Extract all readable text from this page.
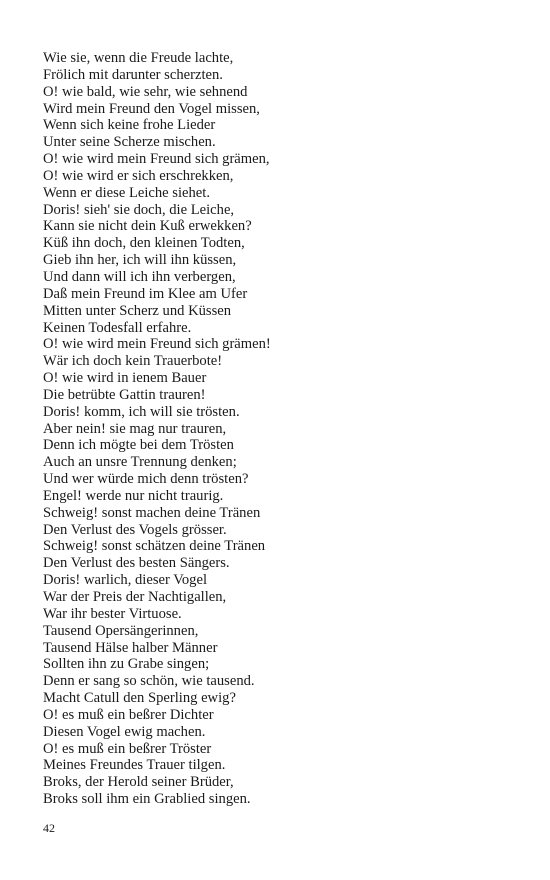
Wie sie, wenn die Freude lachte,
Frölich mit darunter scherzten.
O! wie bald, wie sehr, wie sehnend
Wird mein Freund den Vogel missen,
Wenn sich keine frohe Lieder
Unter seine Scherze mischen.
O! wie wird mein Freund sich grämen,
O! wie wird er sich erschrekken,
Wenn er diese Leiche siehet.
Doris! sieh' sie doch, die Leiche,
Kann sie nicht dein Kuß erwekken?
Küß ihn doch, den kleinen Todten,
Gieb ihn her, ich will ihn küssen,
Und dann will ich ihn verbergen,
Daß mein Freund im Klee am Ufer
Mitten unter Scherz und Küssen
Keinen Todesfall erfahre.
O! wie wird mein Freund sich grämen!
Wär ich doch kein Trauerbote!
O! wie wird in ienem Bauer
Die betrübte Gattin trauren!
Doris! komm, ich will sie trösten.
Aber nein! sie mag nur trauren,
Denn ich mögte bei dem Trösten
Auch an unsre Trennung denken;
Und wer würde mich denn trösten?
Engel! werde nur nicht traurig.
Schweig! sonst machen deine Tränen
Den Verlust des Vogels grösser.
Schweig! sonst schätzen deine Tränen
Den Verlust des besten Sängers.
Doris! warlich, dieser Vogel
War der Preis der Nachtigallen,
War ihr bester Virtuose.
Tausend Opersängerinnen,
Tausend Hälse halber Männer
Sollten ihn zu Grabe singen;
Denn er sang so schön, wie tausend.
Macht Catull den Sperling ewig?
O! es muß ein beßrer Dichter
Diesen Vogel ewig machen.
O! es muß ein beßrer Tröster
Meines Freundes Trauer tilgen.
Broks, der Herold seiner Brüder,
Broks soll ihm ein Grablied singen.
42
